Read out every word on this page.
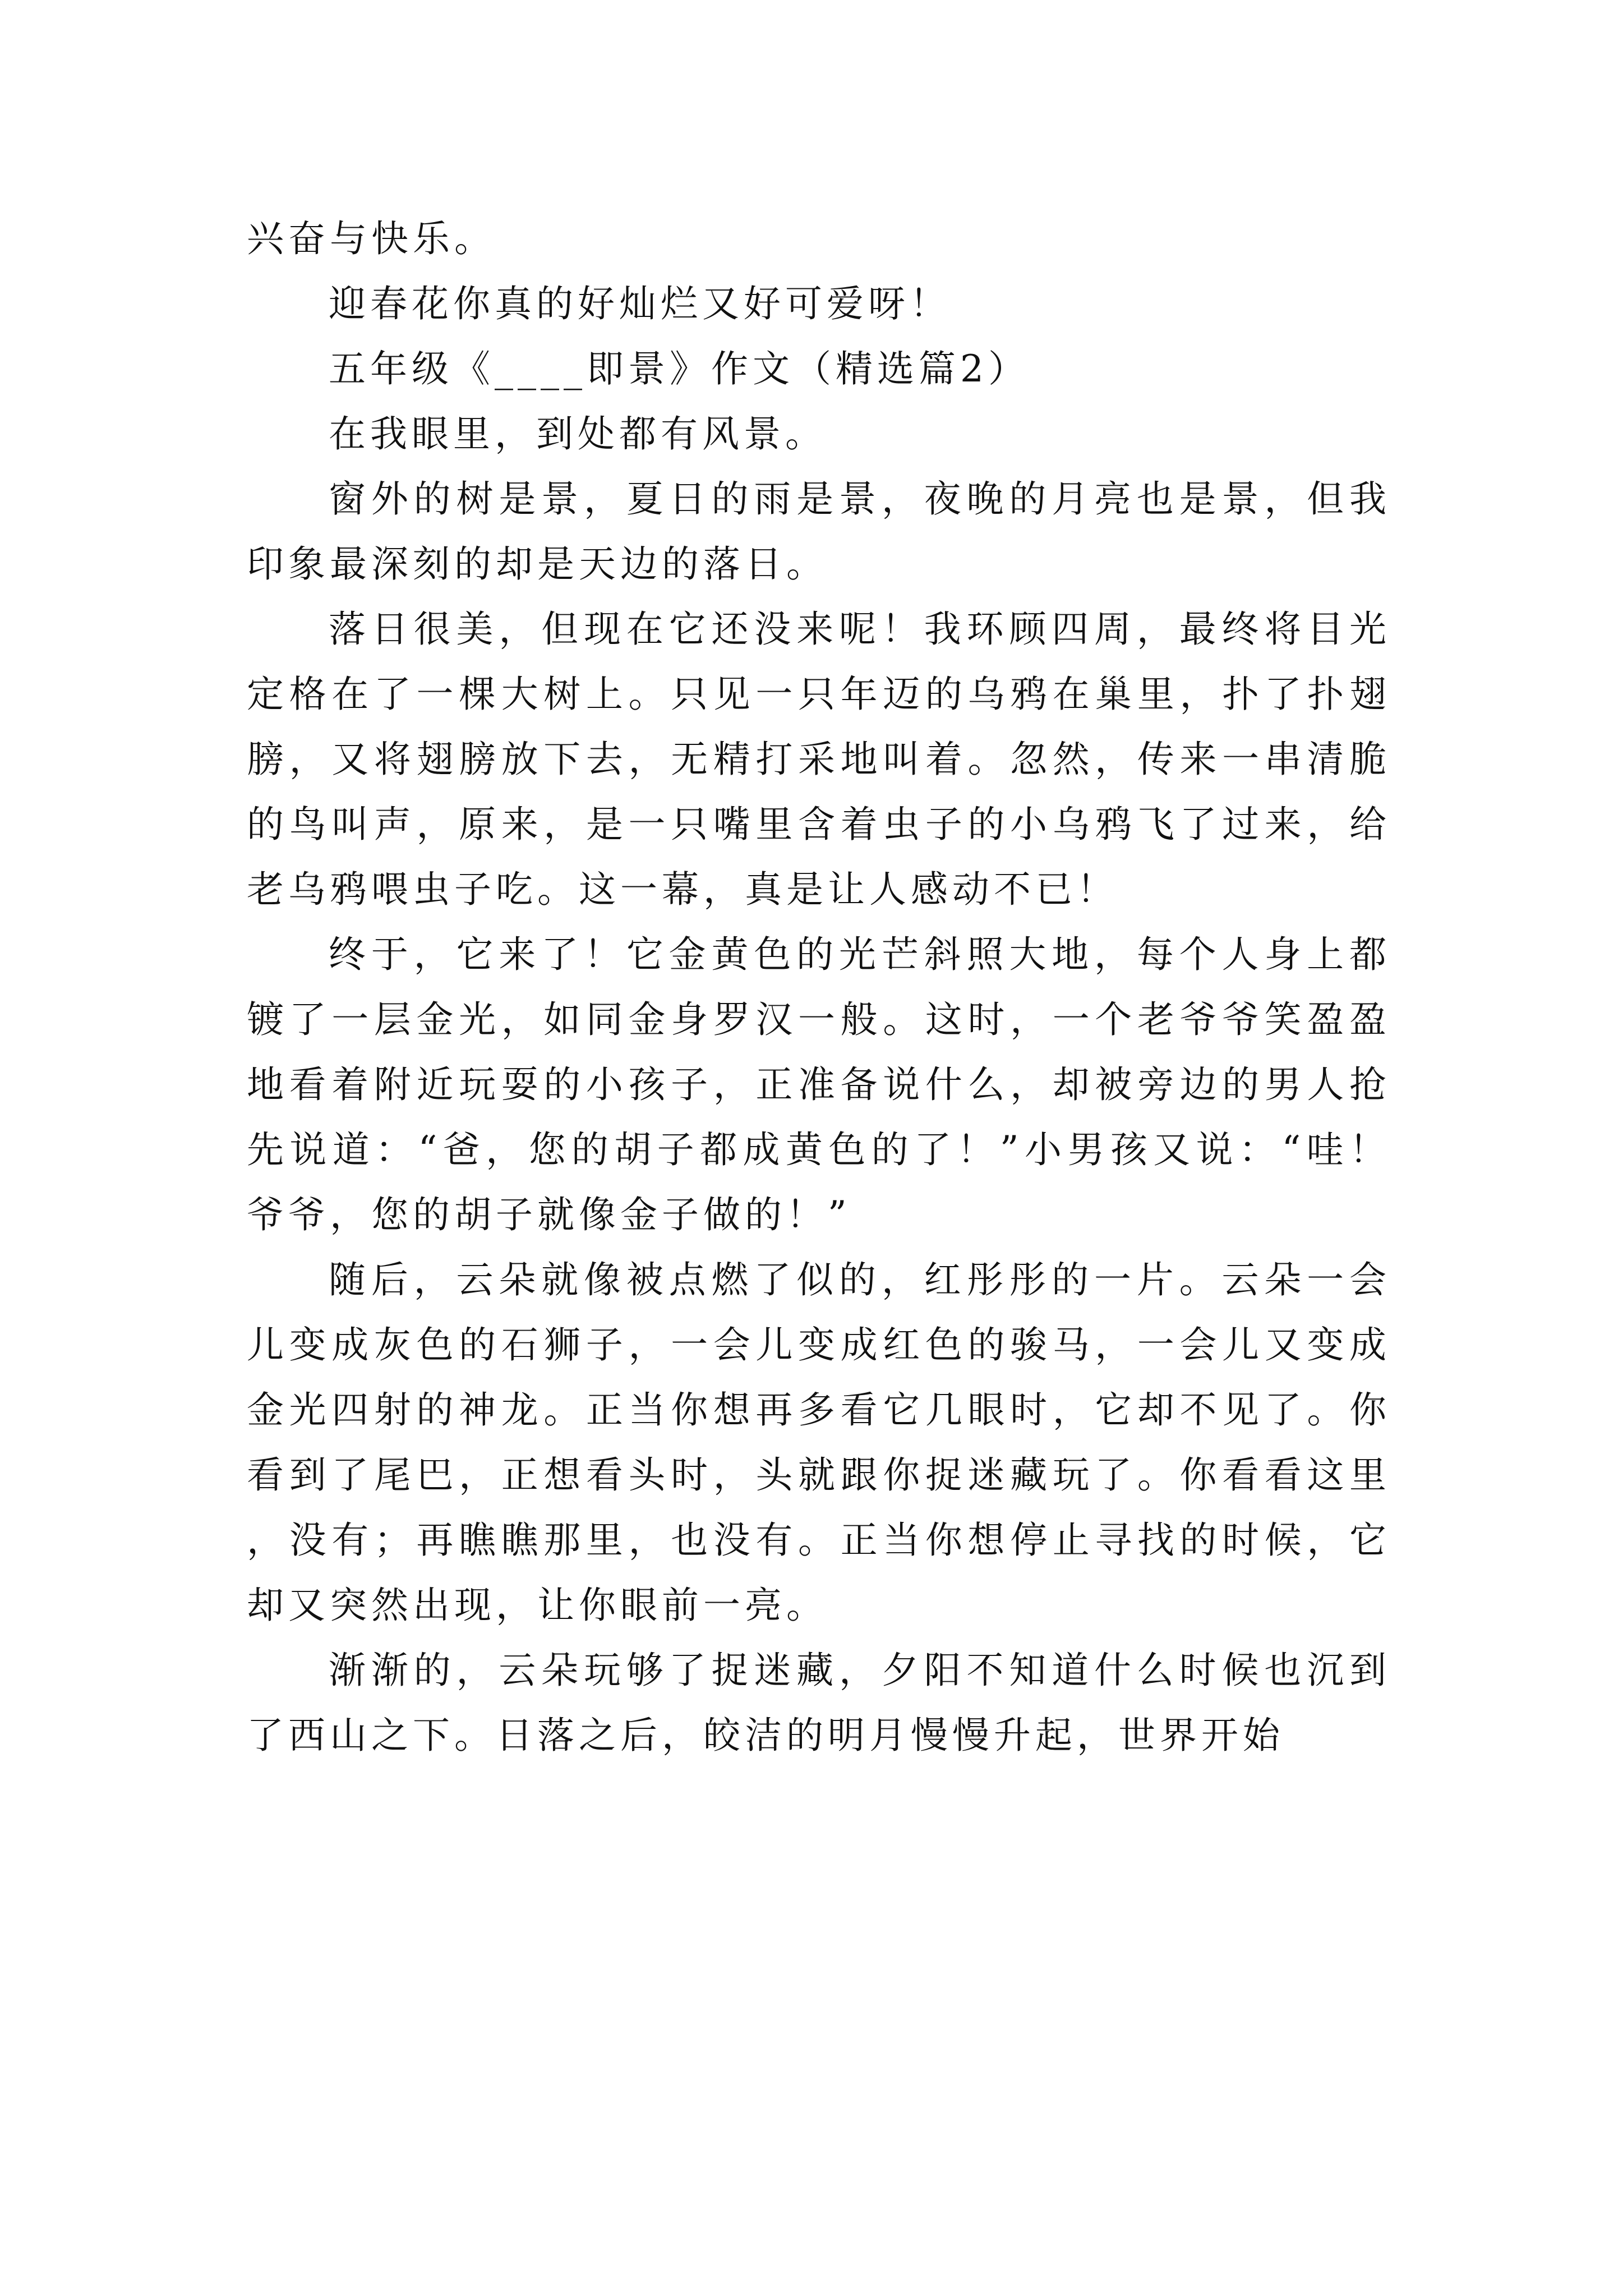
兴奋与快乐。

迎春花你真的好灿烂又好可爱呀！

五年级《____即景》作文（精选篇2）

在我眼里，到处都有风景。

窗外的树是景，夏日的雨是景，夜晚的月亮也是景，但我印象最深刻的却是天边的落日。

落日很美，但现在它还没来呢！我环顾四周，最终将目光定格在了一棵大树上。只见一只年迈的乌鸦在巢里，扑了扑翅膀，又将翅膀放下去，无精打采地叫着。忽然，传来一串清脆的鸟叫声，原来，是一只嘴里含着虫子的小乌鸦飞了过来，给老乌鸦喂虫子吃。这一幕，真是让人感动不已！

终于，它来了！它金黄色的光芒斜照大地，每个人身上都镀了一层金光，如同金身罗汉一般。这时，一个老爷爷笑盈盈地看着附近玩耍的小孩子，正准备说什么，却被旁边的男人抢先说道：“爸，您的胡子都成黄色的了！”小男孩又说：“哇！爷爷，您的胡子就像金子做的！”

随后，云朵就像被点燃了似的，红彤彤的一片。云朵一会儿变成灰色的石狮子，一会儿变成红色的骏马，一会儿又变成金光四射的神龙。正当你想再多看它几眼时，它却不见了。你看到了尾巴，正想看头时，头就跟你捉迷藏玩了。你看看这里，没有；再瞧瞧那里，也没有。正当你想停止寻找的时候，它却又突然出现，让你眼前一亮。

渐渐的，云朵玩够了捉迷藏，夕阳不知道什么时候也沉到了西山之下。日落之后，皎洁的明月慢慢升起，世界开始
